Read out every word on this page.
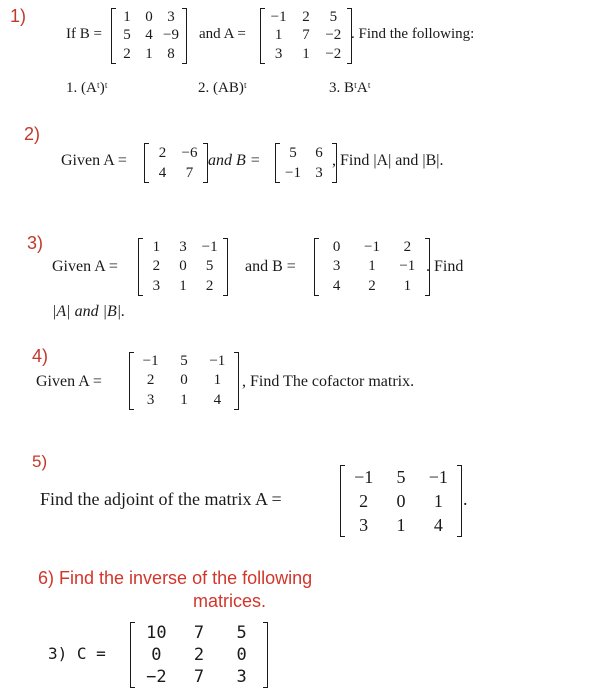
1)
If B =
1 0 3
5 4 −9
2 1 8
and A =
−1	2	5
1	7	−2
3	1	−2
. Find the following:
1. (Aᵗ)ᵗ	2. (AB)ᵗ	3. BᵗAᵗ
2)
Given A =	2	−6
4	7
and B =	5	6
−1 3
, Find |A| and |B|.
3)
Given A =
1	3 −1
2	0	5
3	1	2
and B =
0	−1	2
3	1	−1
4	2	1
. Find
|A| and |B|.
4)
Given A =
−1	5	−1
2	0	1
3	1	4
, Find The cofactor matrix.
5)
Find the adjoint of the matrix A =
−1	5	−1
2	0	1
3	1	4
.
6) Find the inverse of the following
matrices.
3) C =
10	7	5
0	2	0
−2	7	3
